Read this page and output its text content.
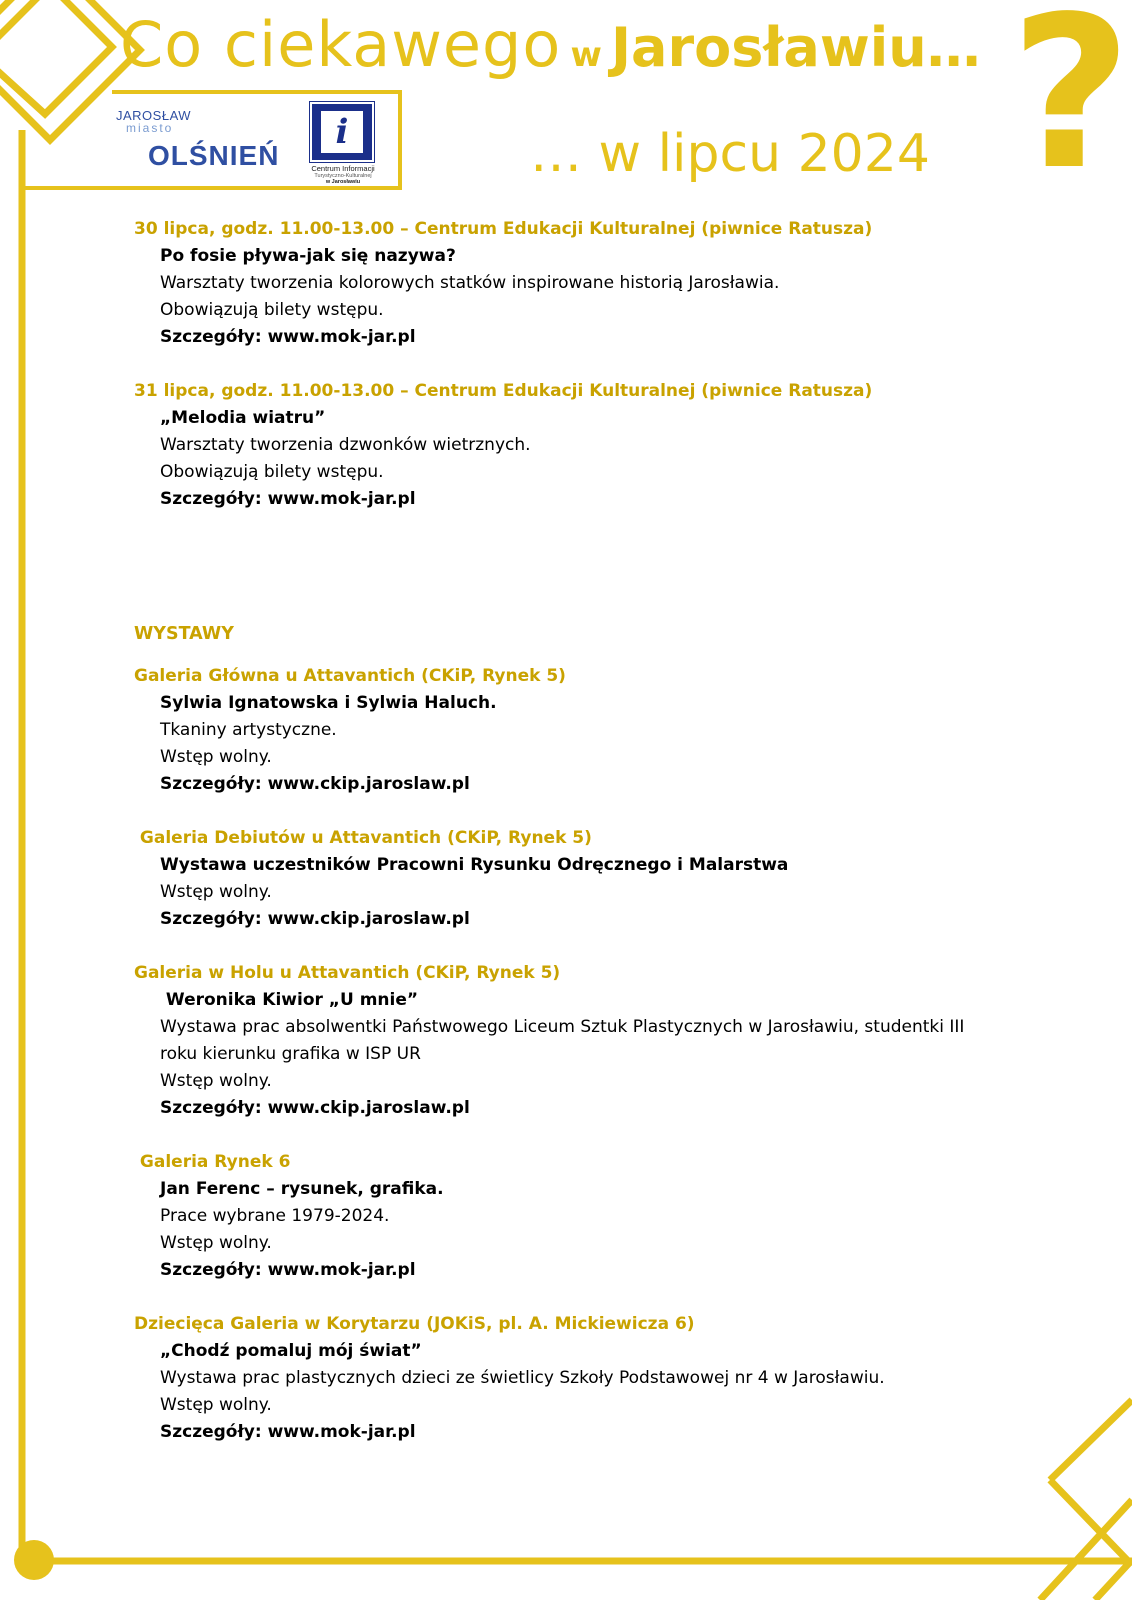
?
Co ciekawego w Jarosławiu…
… w lipcu 2024
JAROSŁAW
miasto
OLŚNIEŃ
i
Centrum Informacji
Turystyczno-Kulturalnej
w Jarosławiu
30 lipca, godz. 11.00-13.00 – Centrum Edukacji Kulturalnej (piwnice Ratusza)
Po fosie pływa-jak się nazywa?
Warsztaty tworzenia kolorowych statków inspirowane historią Jarosławia.
Obowiązują bilety wstępu.
Szczegóły: www.mok-jar.pl
31 lipca, godz. 11.00-13.00 – Centrum Edukacji Kulturalnej (piwnice Ratusza)
„Melodia wiatru”
Warsztaty tworzenia dzwonków wietrznych.
Obowiązują bilety wstępu.
Szczegóły: www.mok-jar.pl
WYSTAWY
Galeria Główna u Attavantich (CKiP, Rynek 5)
Sylwia Ignatowska i Sylwia Haluch.
Tkaniny artystyczne.
Wstęp wolny.
Szczegóły: www.ckip.jaroslaw.pl
Galeria Debiutów u Attavantich (CKiP, Rynek 5)
Wystawa uczestników Pracowni Rysunku Odręcznego i Malarstwa
Wstęp wolny.
Szczegóły: www.ckip.jaroslaw.pl
Galeria w Holu u Attavantich (CKiP, Rynek 5)
Weronika Kiwior „U mnie”
Wystawa prac absolwentki Państwowego Liceum Sztuk Plastycznych w Jarosławiu, studentki III roku kierunku grafika w ISP UR
Wstęp wolny.
Szczegóły: www.ckip.jaroslaw.pl
Galeria Rynek 6
Jan Ferenc – rysunek, grafika.
Prace wybrane 1979-2024.
Wstęp wolny.
Szczegóły: www.mok-jar.pl
Dziecięca Galeria w Korytarzu (JOKiS, pl. A. Mickiewicza 6)
„Chodź pomaluj mój świat”
Wystawa prac plastycznych dzieci ze świetlicy Szkoły Podstawowej nr 4 w Jarosławiu.
Wstęp wolny.
Szczegóły: www.mok-jar.pl
